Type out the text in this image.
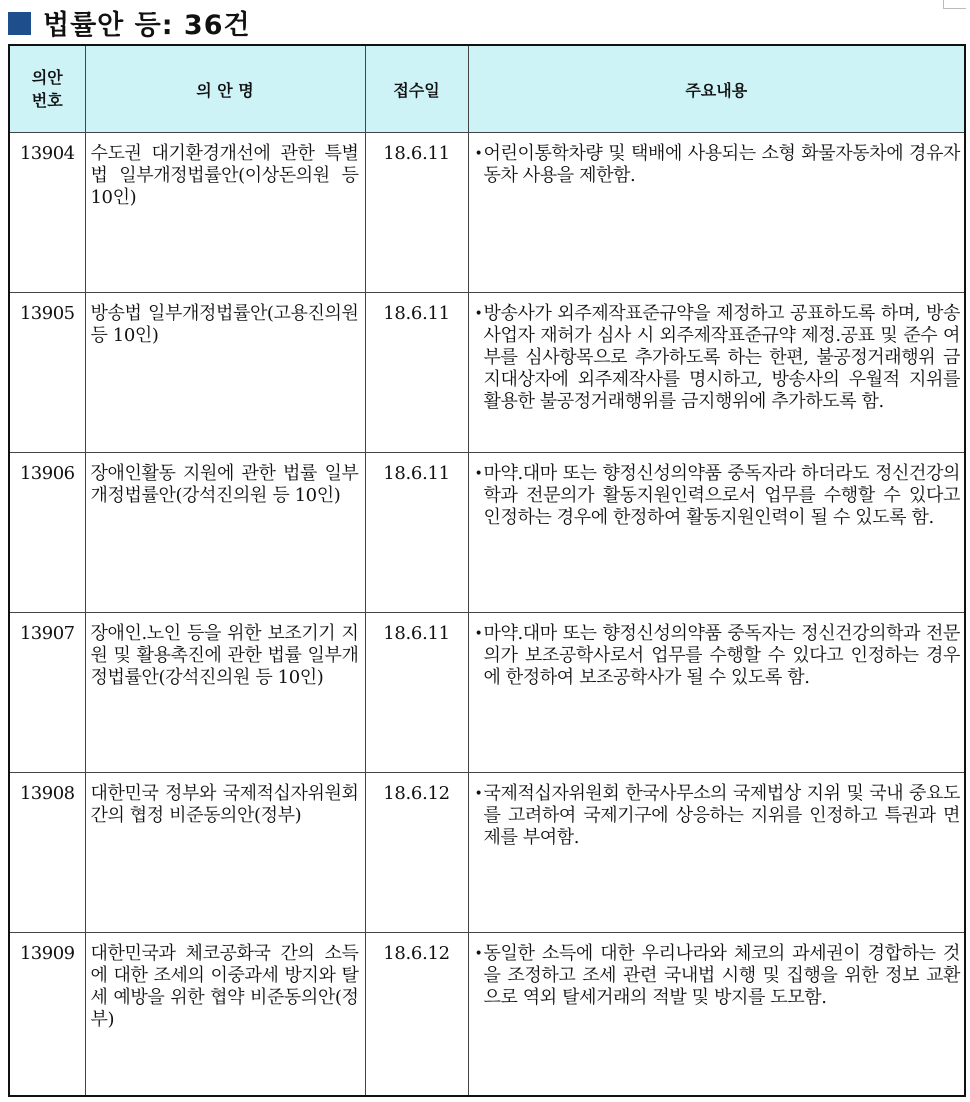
법률안 등: 36건
의안
번호	의 안 명	접수일	주요내용
13904	수도권 대기환경개선에 관한 특별법 일부개정법률안(이상돈의원 등 10인)	18.6.11	• 어린이통학차량 및 택배에 사용되는 소형 화물자동차에 경유자동차 사용을 제한함.

13905	방송법 일부개정법률안(고용진의원 등 10인)	18.6.11	• 방송사가 외주제작표준규약을 제정하고 공표하도록 하며, 방송사업자 재허가 심사 시 외주제작표준규약 제정.공표 및 준수 여부를 심사항목으로 추가하도록 하는 한편, 불공정거래행위 금지대상자에 외주제작사를 명시하고, 방송사의 우월적 지위를 활용한 불공정거래행위를 금지행위에 추가하도록 함.

13906	장애인활동 지원에 관한 법률 일부개정법률안(강석진의원 등 10인)	18.6.11	• 마약.대마 또는 향정신성의약품 중독자라 하더라도 정신건강의학과 전문의가 활동지원인력으로서 업무를 수행할 수 있다고 인정하는 경우에 한정하여 활동지원인력이 될 수 있도록 함.

13907	장애인.노인 등을 위한 보조기기 지원 및 활용촉진에 관한 법률 일부개정법률안(강석진의원 등 10인)	18.6.11	• 마약.대마 또는 향정신성의약품 중독자는 정신건강의학과 전문의가 보조공학사로서 업무를 수행할 수 있다고 인정하는 경우에 한정하여 보조공학사가 될 수 있도록 함.

13908	대한민국 정부와 국제적십자위원회 간의 협정 비준동의안(정부)	18.6.12	• 국제적십자위원회 한국사무소의 국제법상 지위 및 국내 중요도를 고려하여 국제기구에 상응하는 지위를 인정하고 특권과 면제를 부여함.

13909	대한민국과 체코공화국 간의 소득에 대한 조세의 이중과세 방지와 탈세 예방을 위한 협약 비준동의안(정부)	18.6.12	• 동일한 소득에 대한 우리나라와 체코의 과세권이 경합하는 것을 조정하고 조세 관련 국내법 시행 및 집행을 위한 정보 교환으로 역외 탈세거래의 적발 및 방지를 도모함.
